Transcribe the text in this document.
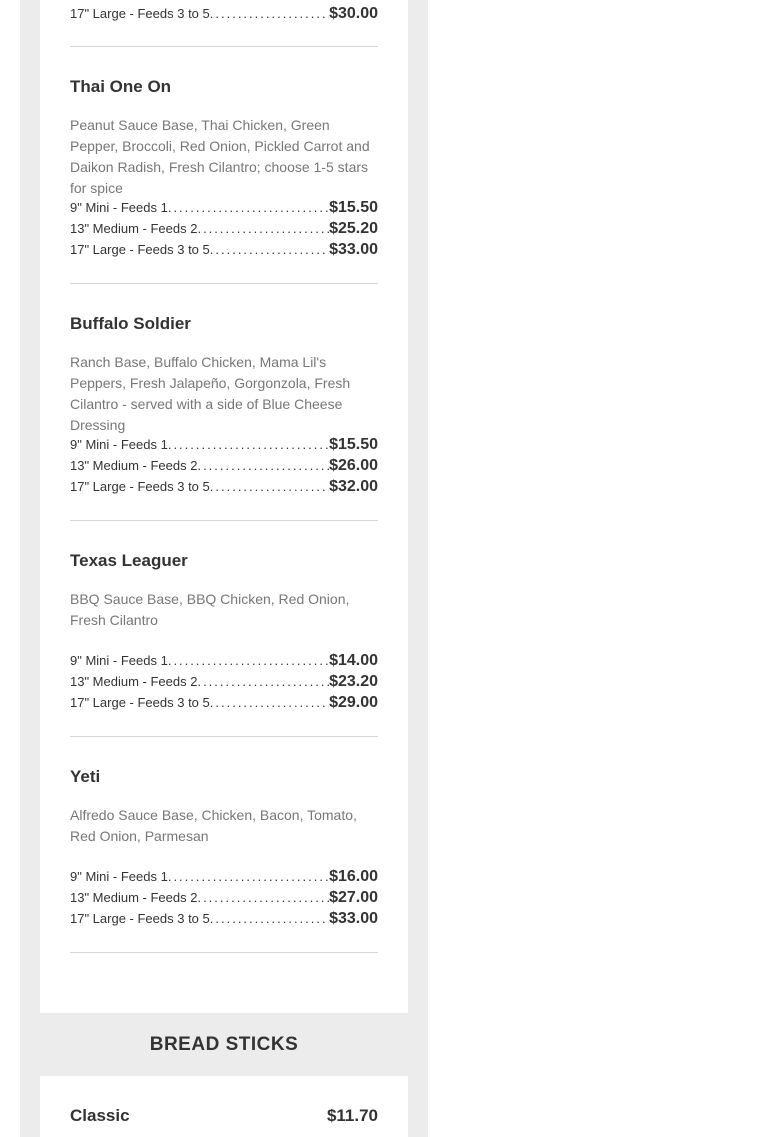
17" Large - Feeds 3 to 5 .....	$30.00
Thai One On
Peanut Sauce Base, Thai Chicken, Green Pepper, Broccoli, Red Onion, Pickled Carrot and Daikon Radish, Fresh Cilantro; choose 1-5 stars for spice
9" Mini - Feeds 1 .....	$15.50
13" Medium - Feeds 2 .....	$25.20
17" Large - Feeds 3 to 5 .....	$33.00
Buffalo Soldier
Ranch Base, Buffalo Chicken, Mama Lil's Peppers, Fresh Jalapeño, Gorgonzola, Fresh Cilantro - served with a side of Blue Cheese Dressing
9" Mini - Feeds 1 .....	$15.50
13" Medium - Feeds 2 .....	$26.00
17" Large - Feeds 3 to 5 .....	$32.00
Texas Leaguer
BBQ Sauce Base, BBQ Chicken, Red Onion, Fresh Cilantro
9" Mini - Feeds 1 .....	$14.00
13" Medium - Feeds 2 .....	$23.20
17" Large - Feeds 3 to 5 .....	$29.00
Yeti
Alfredo Sauce Base, Chicken, Bacon, Tomato, Red Onion, Parmesan
9" Mini - Feeds 1 .....	$16.00
13" Medium - Feeds 2 .....	$27.00
17" Large - Feeds 3 to 5 .....	$33.00
BREAD STICKS
Classic	$11.70
